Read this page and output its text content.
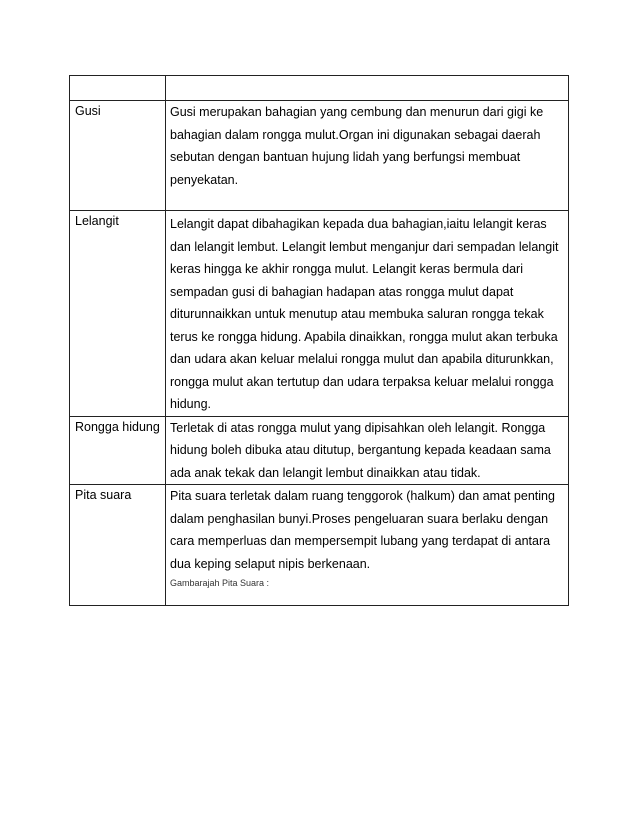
Gusi	Gusi merupakan bahagian yang cembung dan menurun dari gigi ke bahagian dalam rongga mulut.Organ ini digunakan sebagai daerah sebutan dengan bantuan hujung lidah yang berfungsi membuat penyekatan.
Lelangit	Lelangit dapat dibahagikan kepada dua bahagian,iaitu lelangit keras dan lelangit lembut. Lelangit lembut menganjur dari sempadan lelangit keras hingga ke akhir rongga mulut. Lelangit keras bermula dari sempadan gusi di bahagian hadapan atas rongga mulut dapat diturunnaikkan untuk menutup atau membuka saluran rongga tekak terus ke rongga hidung. Apabila dinaikkan, rongga mulut akan terbuka dan udara akan keluar melalui rongga mulut dan apabila diturunkkan, rongga mulut akan tertutup dan udara terpaksa keluar melalui rongga hidung.
Rongga hidung	Terletak di atas rongga mulut yang dipisahkan oleh lelangit. Rongga hidung boleh dibuka atau ditutup, bergantung kepada keadaan sama ada anak tekak dan lelangit lembut dinaikkan atau tidak.
Pita suara	Pita suara terletak dalam ruang tenggorok (halkum) dan amat penting dalam penghasilan bunyi.Proses pengeluaran suara berlaku dengan cara memperluas dan mempersempit lubang yang terdapat di antara dua keping selaput nipis berkenaan.
Gambarajah Pita Suara :
